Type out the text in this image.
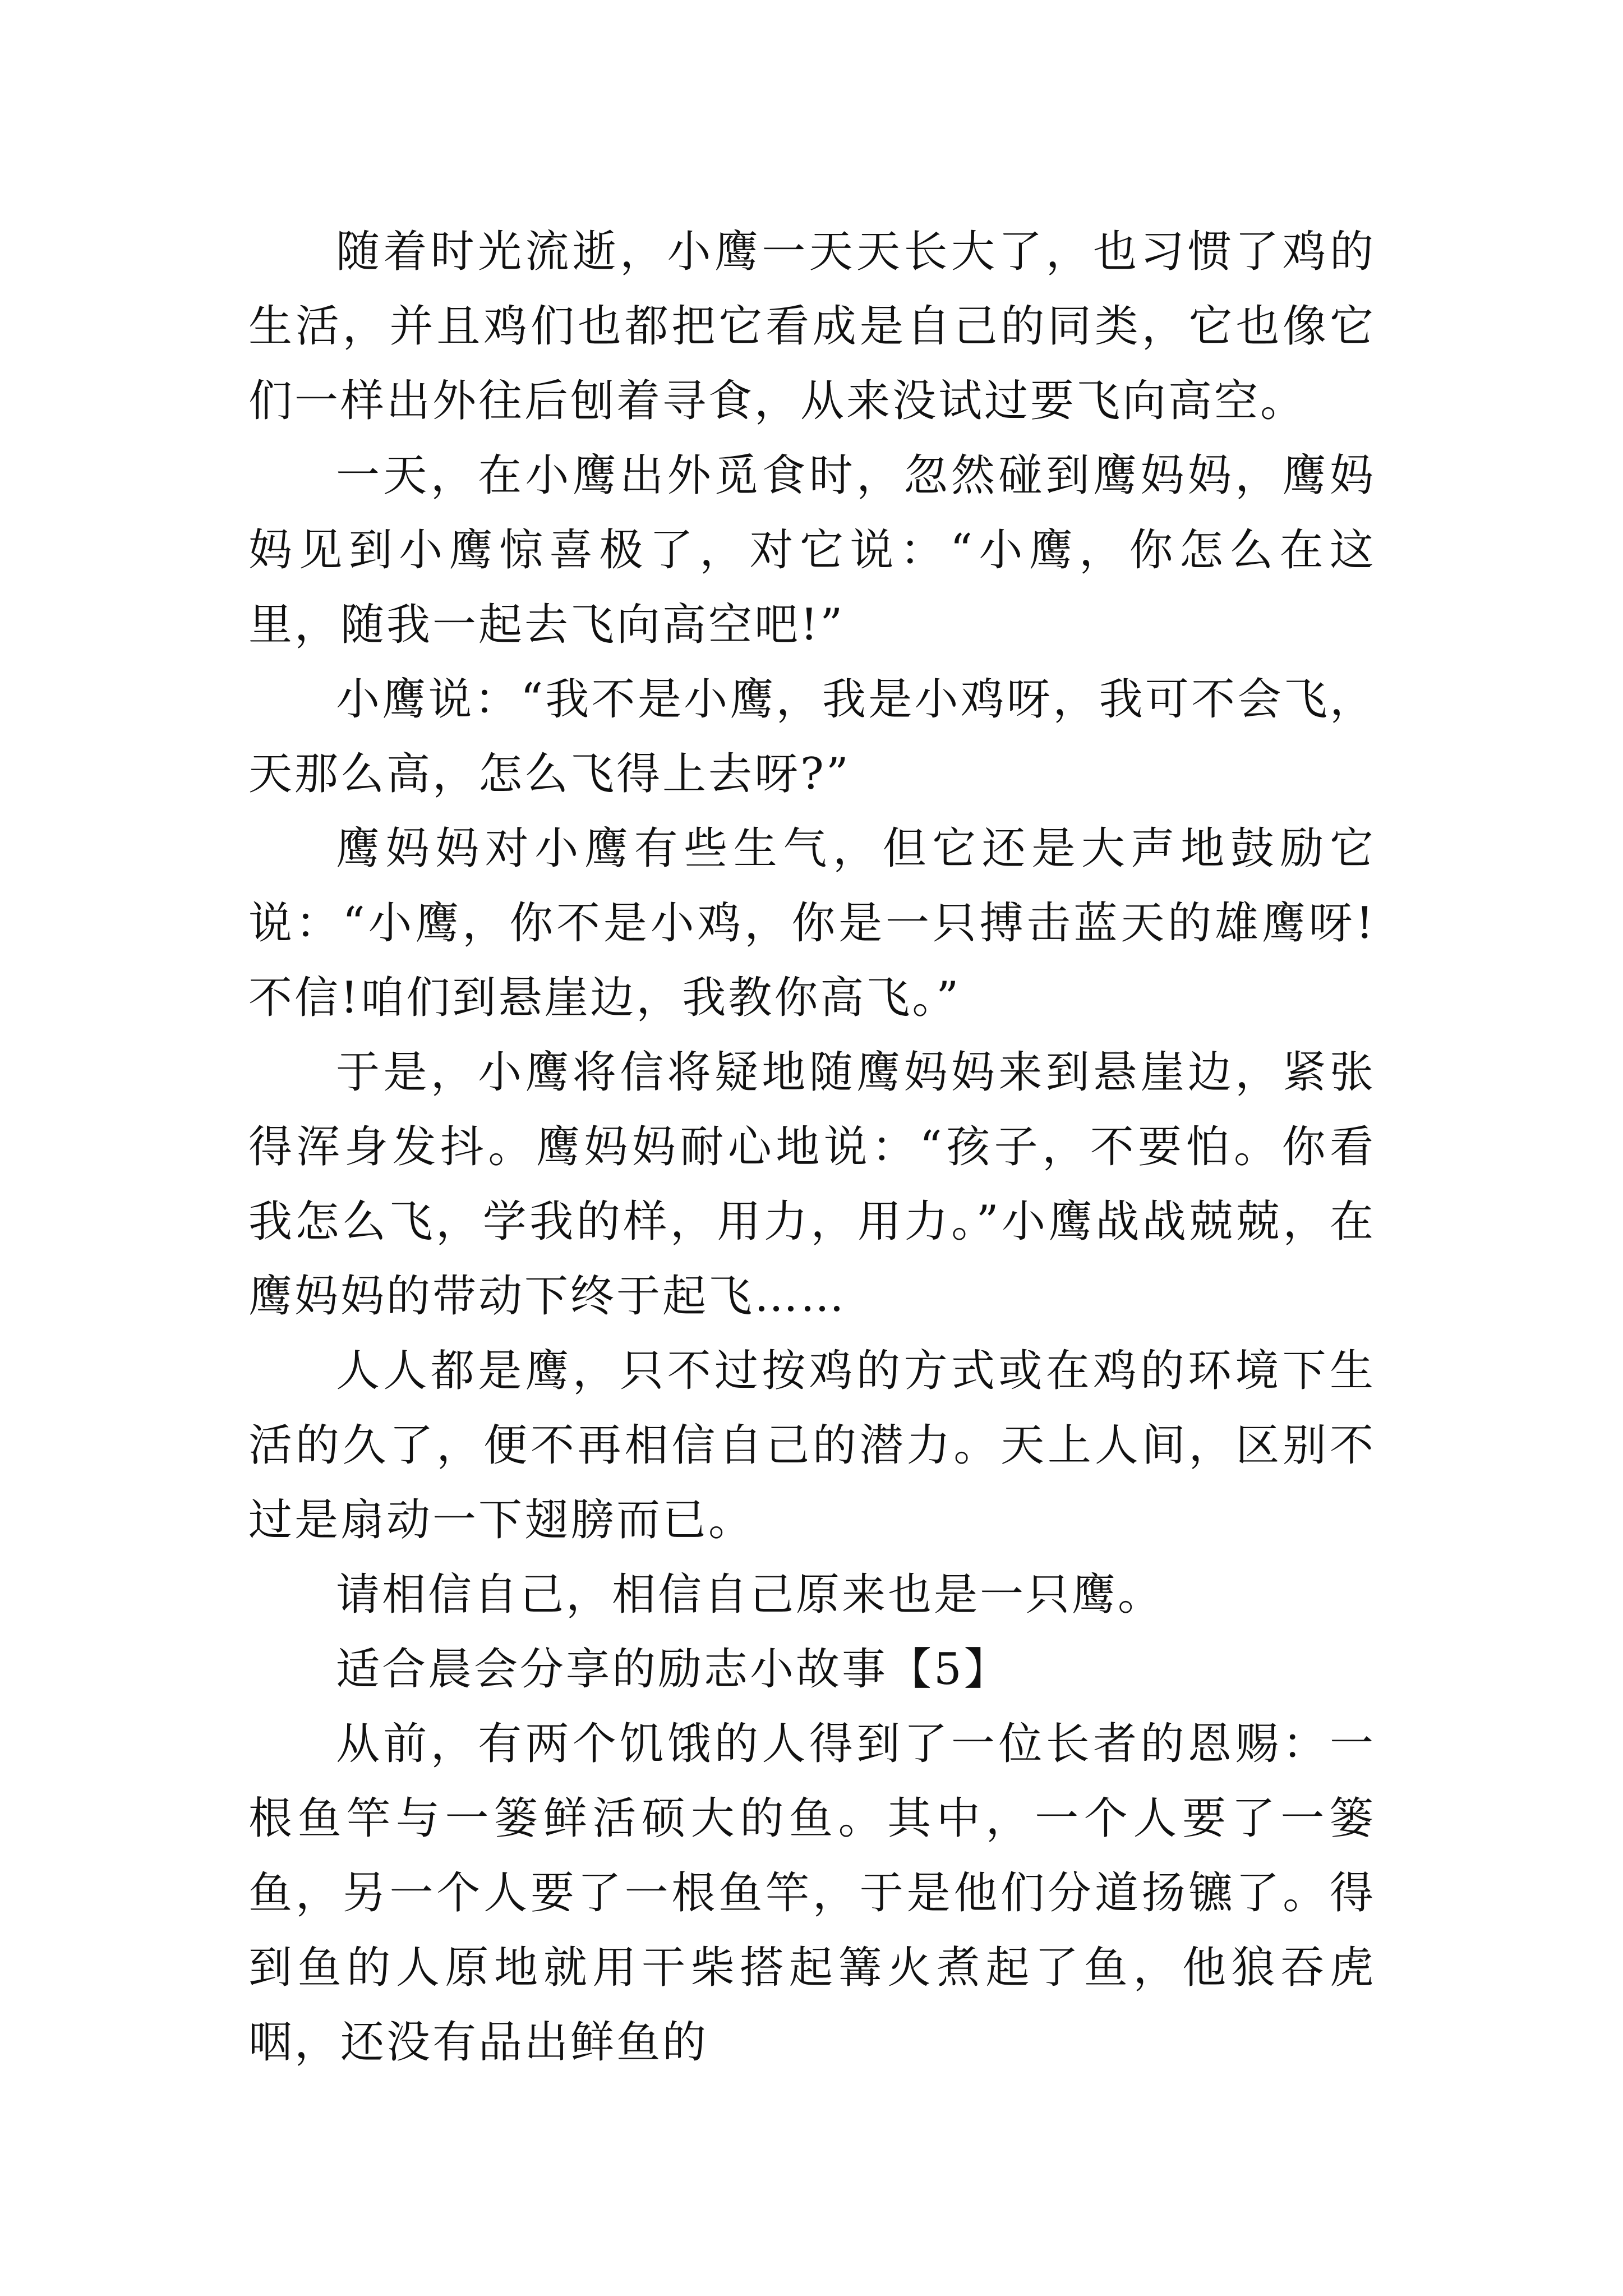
随着时光流逝，小鹰一天天长大了，也习惯了鸡的生活，并且鸡们也都把它看成是自己的同类，它也像它们一样出外往后刨着寻食，从来没试过要飞向高空。

一天，在小鹰出外觅食时，忽然碰到鹰妈妈，鹰妈妈见到小鹰惊喜极了，对它说：“小鹰，你怎么在这里，随我一起去飞向高空吧!”

小鹰说：“我不是小鹰，我是小鸡呀，我可不会飞，天那么高，怎么飞得上去呀?”

鹰妈妈对小鹰有些生气，但它还是大声地鼓励它说：“小鹰，你不是小鸡，你是一只搏击蓝天的雄鹰呀!不信!咱们到悬崖边，我教你高飞。”

于是，小鹰将信将疑地随鹰妈妈来到悬崖边，紧张得浑身发抖。鹰妈妈耐心地说：“孩子，不要怕。你看我怎么飞，学我的样，用力，用力。”小鹰战战兢兢，在鹰妈妈的带动下终于起飞……

人人都是鹰，只不过按鸡的方式或在鸡的环境下生活的久了，便不再相信自己的潜力。天上人间，区别不过是扇动一下翅膀而已。

请相信自己，相信自己原来也是一只鹰。

适合晨会分享的励志小故事【5】

从前，有两个饥饿的人得到了一位长者的恩赐：一根鱼竿与一篓鲜活硕大的鱼。其中，一个人要了一篓鱼，另一个人要了一根鱼竿，于是他们分道扬镳了。得到鱼的人原地就用干柴搭起篝火煮起了鱼，他狼吞虎咽，还没有品出鲜鱼的
